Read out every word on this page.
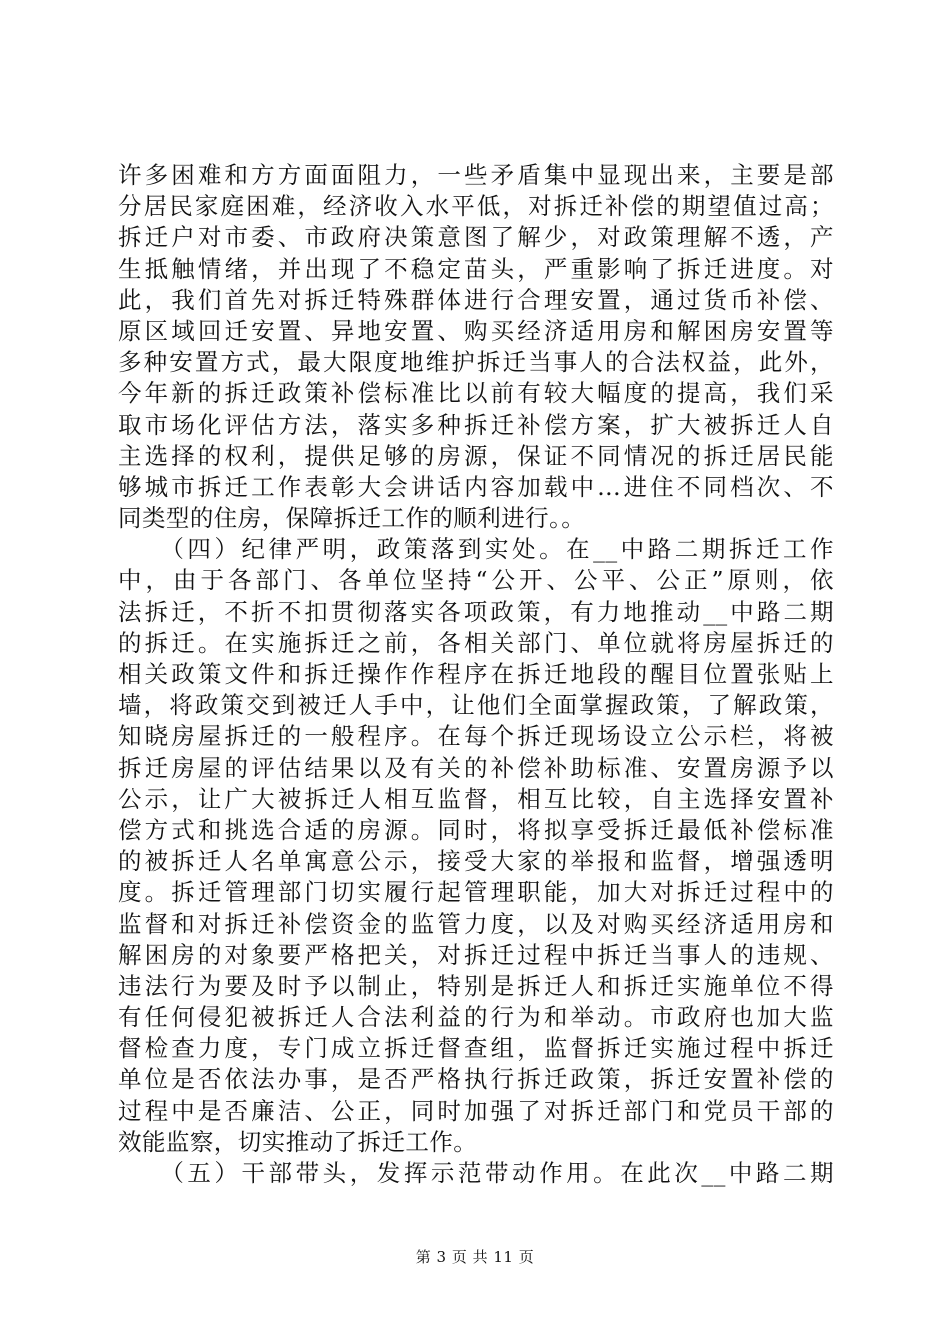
许多困难和方方面面阻力，一些矛盾集中显现出来，主要是部
分居民家庭困难，经济收入水平低，对拆迁补偿的期望值过高；
拆迁户对市委、市政府决策意图了解少，对政策理解不透，产
生抵触情绪，并出现了不稳定苗头，严重影响了拆迁进度。对
此，我们首先对拆迁特殊群体进行合理安置，通过货币补偿、
原区域回迁安置、异地安置、购买经济适用房和解困房安置等
多种安置方式，最大限度地维护拆迁当事人的合法权益，此外，
今年新的拆迁政策补偿标准比以前有较大幅度的提高，我们采
取市场化评估方法，落实多种拆迁补偿方案，扩大被拆迁人自
主选择的权利，提供足够的房源，保证不同情况的拆迁居民能
够城市拆迁工作表彰大会讲话内容加载中...进住不同档次、不
同类型的住房，保障拆迁工作的顺利进行。。
　　（四）纪律严明，政策落到实处。在__中路二期拆迁工作
中，由于各部门、各单位坚持“公开、公平、公正”原则，依
法拆迁，不折不扣贯彻落实各项政策，有力地推动__中路二期
的拆迁。在实施拆迁之前，各相关部门、单位就将房屋拆迁的
相关政策文件和拆迁操作作程序在拆迁地段的醒目位置张贴上
墙，将政策交到被迁人手中，让他们全面掌握政策，了解政策，
知晓房屋拆迁的一般程序。在每个拆迁现场设立公示栏，将被
拆迁房屋的评估结果以及有关的补偿补助标准、安置房源予以
公示，让广大被拆迁人相互监督，相互比较，自主选择安置补
偿方式和挑选合适的房源。同时，将拟享受拆迁最低补偿标准
的被拆迁人名单寓意公示，接受大家的举报和监督，增强透明
度。拆迁管理部门切实履行起管理职能，加大对拆迁过程中的
监督和对拆迁补偿资金的监管力度，以及对购买经济适用房和
解困房的对象要严格把关，对拆迁过程中拆迁当事人的违规、
违法行为要及时予以制止，特别是拆迁人和拆迁实施单位不得
有任何侵犯被拆迁人合法利益的行为和举动。市政府也加大监
督检查力度，专门成立拆迁督查组，监督拆迁实施过程中拆迁
单位是否依法办事，是否严格执行拆迁政策，拆迁安置补偿的
过程中是否廉洁、公正，同时加强了对拆迁部门和党员干部的
效能监察，切实推动了拆迁工作。
　　（五）干部带头，发挥示范带动作用。在此次__中路二期
第 3 页 共 11 页
